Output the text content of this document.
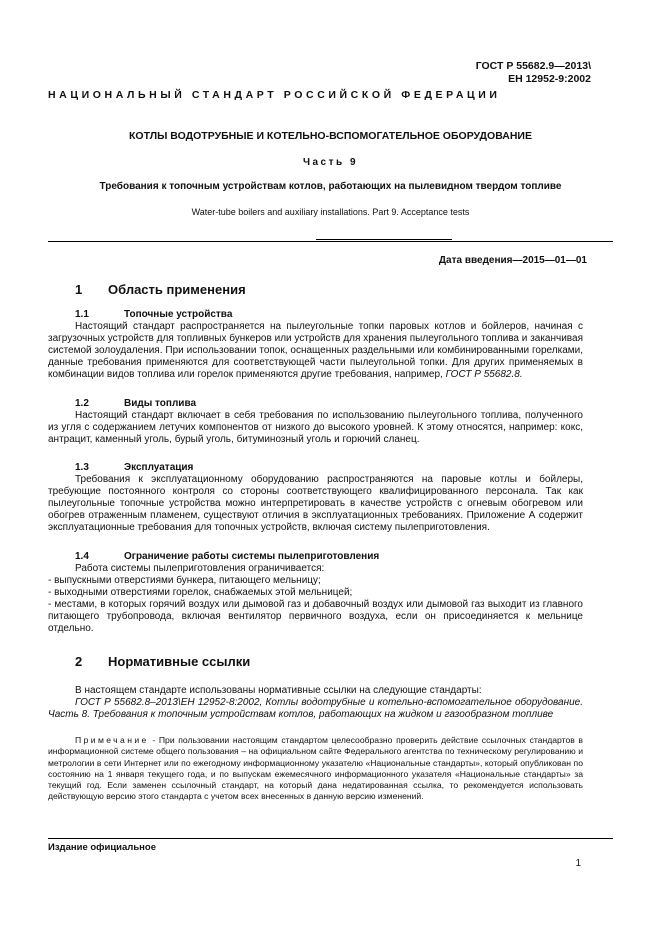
ГОСТ Р 55682.9—2013\
ЕН 12952-9:2002
НАЦИОНАЛЬНЫЙ СТАНДАРТ РОССИЙСКОЙ ФЕДЕРАЦИИ
КОТЛЫ ВОДОТРУБНЫЕ И КОТЕЛЬНО-ВСПОМОГАТЕЛЬНОЕ ОБОРУДОВАНИЕ
Часть 9
Требования к топочным устройствам котлов, работающих на пылевидном твердом топливе
Water-tube boilers and auxiliary installations. Part 9. Acceptance tests
Дата введения—2015—01—01
1 Область применения
1.1	Топочные устройства
Настоящий стандарт распространяется на пылеугольные топки паровых котлов и бойлеров, начиная с загрузочных устройств для топливных бункеров или устройств для хранения пылеугольного топлива и заканчивая системой золоудаления. При использовании топок, оснащенных раздельными или комбинированными горелками, данные требования применяются для соответствующей части пылеугольной топки. Для других применяемых в комбинации видов топлива или горелок применяются другие требования, например, ГОСТ Р 55682.8.
1.2	Виды топлива
Настоящий стандарт включает в себя требования по использованию пылеугольного топлива, полученного из угля с содержанием летучих компонентов от низкого до высокого уровней. К этому относятся, например: кокс, антрацит, каменный уголь, бурый уголь, битуминозный уголь и горючий сланец.
1.3	Эксплуатация
Требования к эксплуатационному оборудованию распространяются на паровые котлы и бойлеры, требующие постоянного контроля со стороны соответствующего квалифицированного персонала. Так как пылеугольные топочные устройства можно интерпретировать в качестве устройств с огневым обогревом или обогрев отраженным пламенем, существуют отличия в эксплуатационных требованиях. Приложение А содержит эксплуатационные требования для топочных устройств, включая систему пылеприготовления.
1.4	Ограничение работы системы пылеприготовления
Работа системы пылеприготовления ограничивается:
- выпускными отверстиями бункера, питающего мельницу;
- выходными отверстиями горелок, снабжаемых этой мельницей;
- местами, в которых горячий воздух или дымовой газ и добавочный воздух или дымовой газ выходит из главного питающего трубопровода, включая вентилятор первичного воздуха, если он присоединяется к мельнице отдельно.
2 Нормативные ссылки
В настоящем стандарте использованы нормативные ссылки на следующие стандарты:
ГОСТ Р 55682.8–2013\ЕН 12952-8:2002, Котлы водотрубные и котельно-вспомогательное оборудование. Часть 8. Требования к топочным устройствам котлов, работающих на жидком и газообразном топливе
Примечание - При пользовании настоящим стандартом целесообразно проверить действие ссылочных стандартов в информационной системе общего пользования – на официальном сайте Федерального агентства по техническому регулированию и метрологии в сети Интернет или по ежегодному информационному указателю «Национальные стандарты», который опубликован по состоянию на 1 января текущего года, и по выпускам ежемесячного информационного указателя «Национальные стандарты» за текущий год. Если заменен ссылочный стандарт, на который дана недатированная ссылка, то рекомендуется использовать действующую версию этого стандарта с учетом всех внесенных в данную версию изменений.
Издание официальное
1
